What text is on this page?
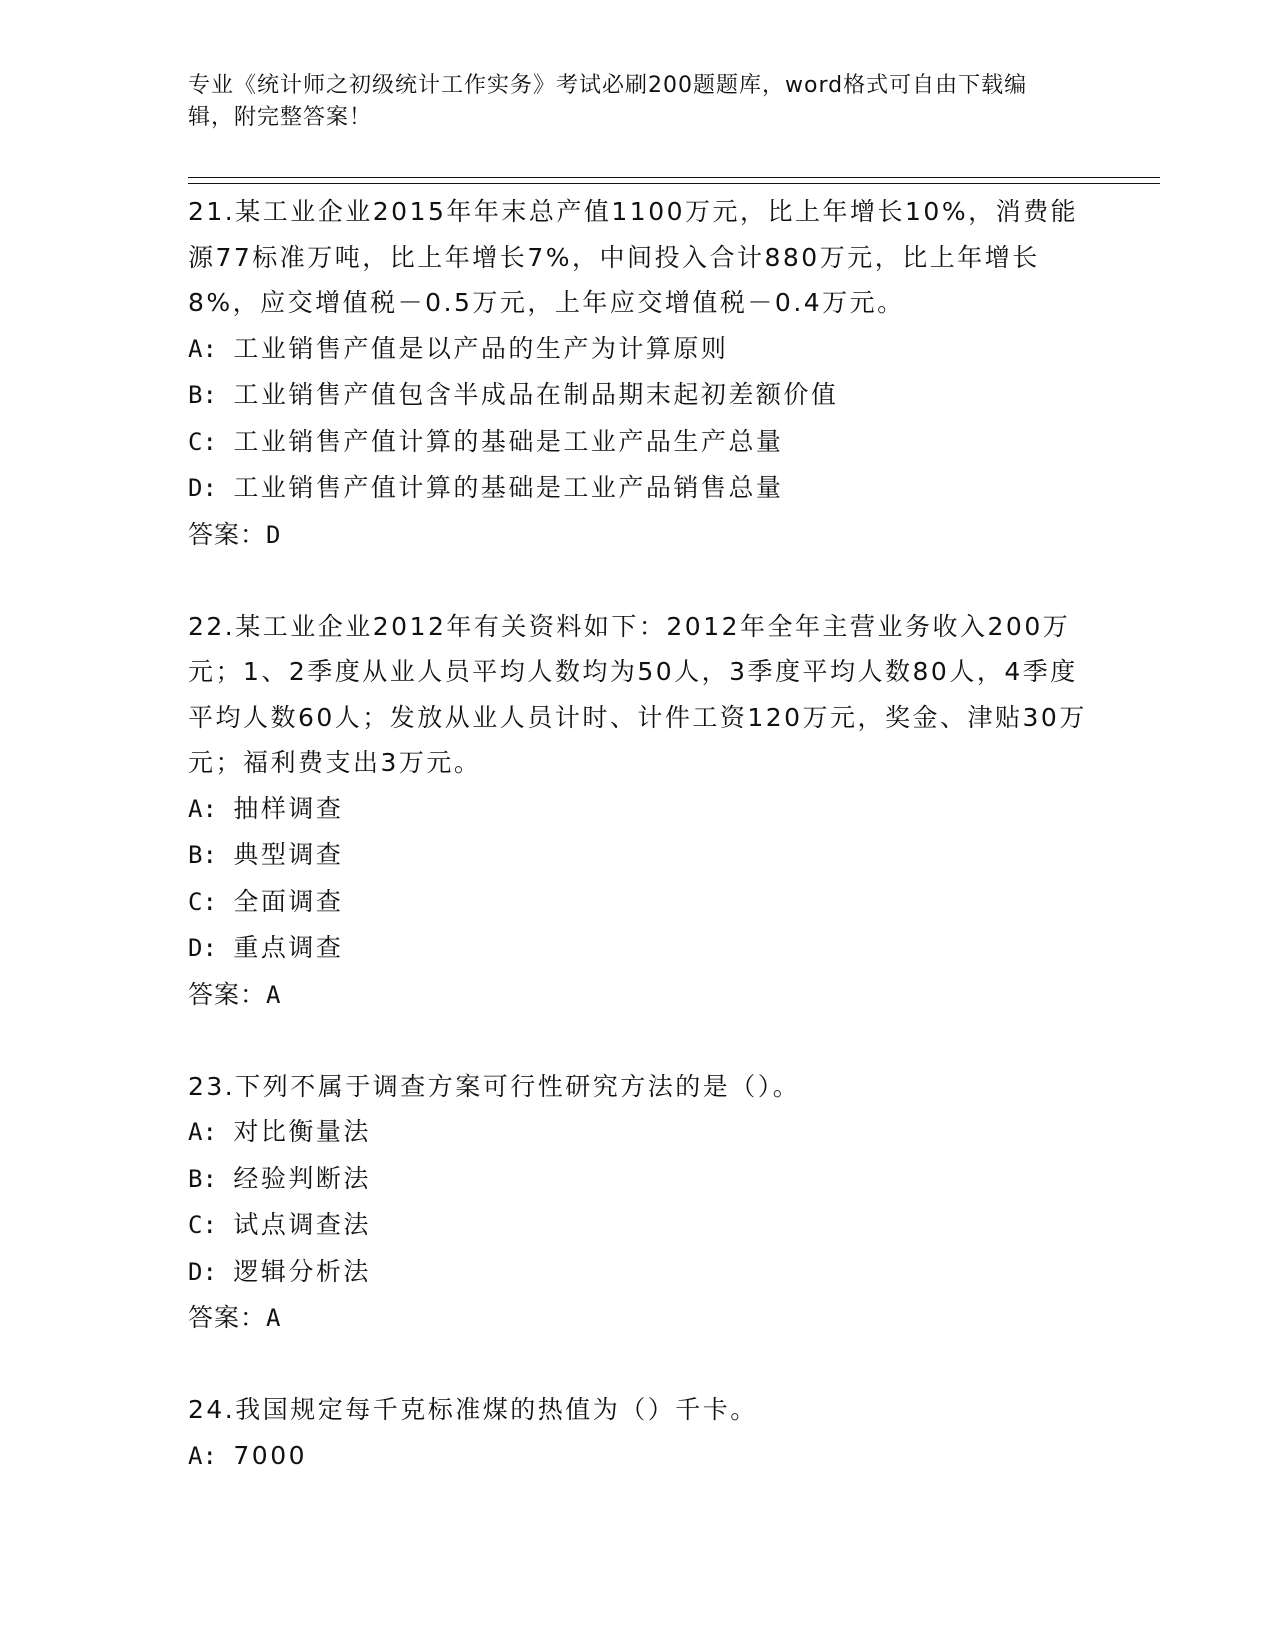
专业《统计师之初级统计工作实务》考试必刷200题题库，word格式可自由下载编辑，附完整答案！
21.某工业企业2015年年末总产值1100万元，比上年增长10%，消费能源77标准万吨，比上年增长7%，中间投入合计880万元，比上年增长8%，应交增值税－0.5万元，上年应交增值税－0.4万元。
A: 工业销售产值是以产品的生产为计算原则
B: 工业销售产值包含半成品在制品期末起初差额价值
C: 工业销售产值计算的基础是工业产品生产总量
D: 工业销售产值计算的基础是工业产品销售总量
答案：D
22.某工业企业2012年有关资料如下：2012年全年主营业务收入200万元；1、2季度从业人员平均人数均为50人，3季度平均人数80人，4季度平均人数60人；发放从业人员计时、计件工资120万元，奖金、津贴30万元；福利费支出3万元。
A: 抽样调查
B: 典型调查
C: 全面调查
D: 重点调查
答案：A
23.下列不属于调查方案可行性研究方法的是（）。
A: 对比衡量法
B: 经验判断法
C: 试点调查法
D: 逻辑分析法
答案：A
24.我国规定每千克标准煤的热值为（）千卡。
A: 7000
